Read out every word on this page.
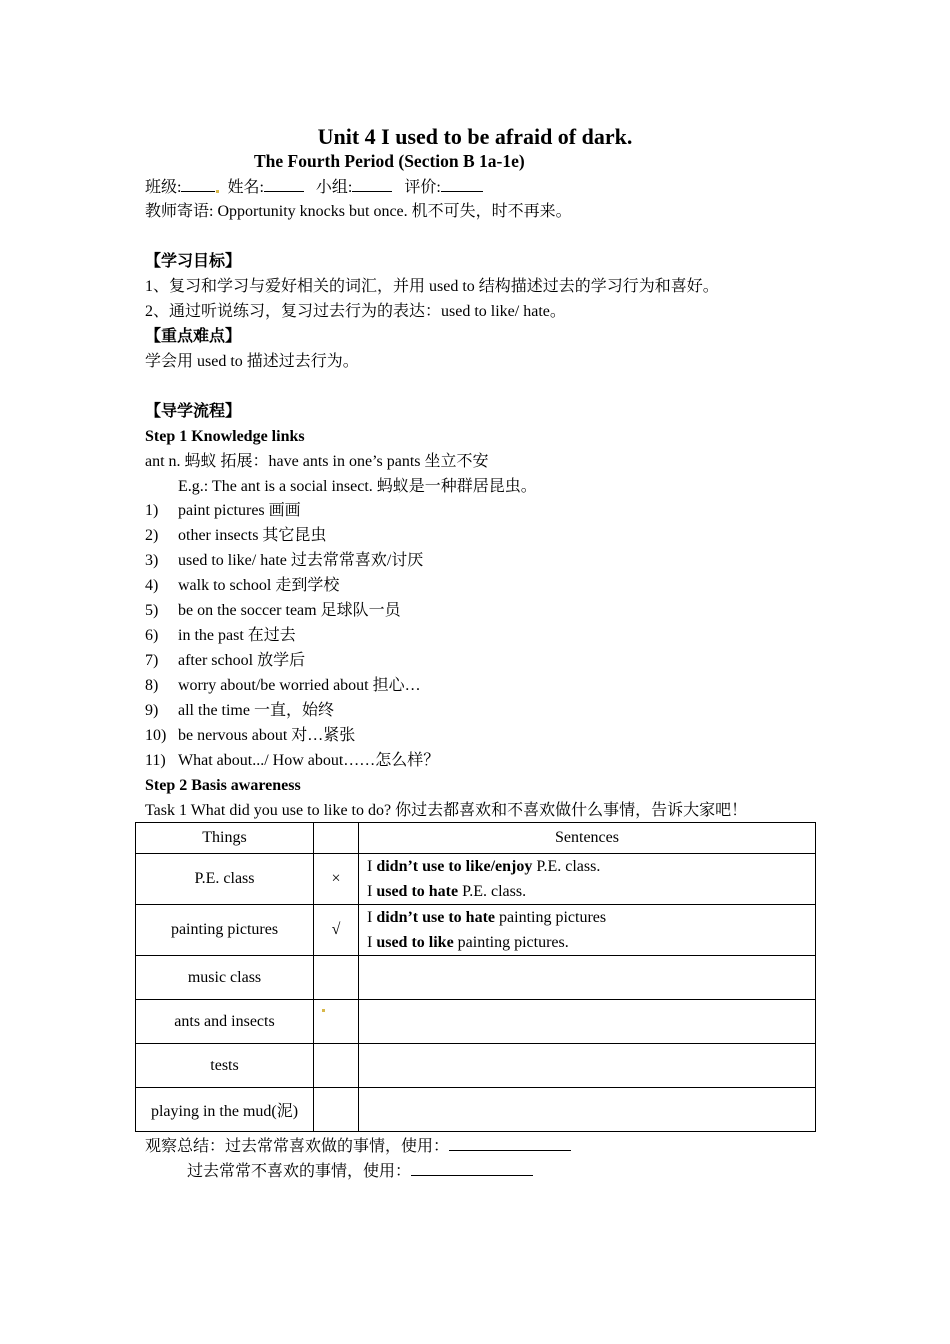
Unit 4 I used to be afraid of dark.
The Fourth Period (Section B 1a-1e)
班级:	姓名:	小组:	评价:
教师寄语: Opportunity knocks but once. 机不可失，时不再来。
【学习目标】
1、复习和学习与爱好相关的词汇，并用 used to 结构描述过去的学习行为和喜好。
2、通过听说练习，复习过去行为的表达：used to like/ hate。
【重点难点】
学会用 used to 描述过去行为。
【导学流程】
Step 1 Knowledge links
ant n. 蚂蚁 拓展：have ants in one’s pants 坐立不安
E.g.: The ant is a social insect. 蚂蚁是一种群居昆虫。
1) paint pictures 画画
2) other insects 其它昆虫
3) used to like/ hate 过去常常喜欢/讨厌
4) walk to school 走到学校
5) be on the soccer team 足球队一员
6) in the past 在过去
7) after school 放学后
8) worry about/be worried about 担心…
9) all the time 一直，始终
10) be nervous about 对…紧张
11) What about.../ How about……怎么样？
Step 2 Basis awareness
Task 1 What did you use to like to do? 你过去都喜欢和不喜欢做什么事情，告诉大家吧！
Things		Sentences
P.E. class	×	I didn’t use to like/enjoy P.E. class.
I used to hate P.E. class.

painting pictures	√	I didn’t use to hate painting pictures
I used to like painting pictures.

music class		
ants and insects		
tests		
playing in the mud(泥)		
观察总结：过去常常喜欢做的事情，使用：
过去常常不喜欢的事情，使用：
